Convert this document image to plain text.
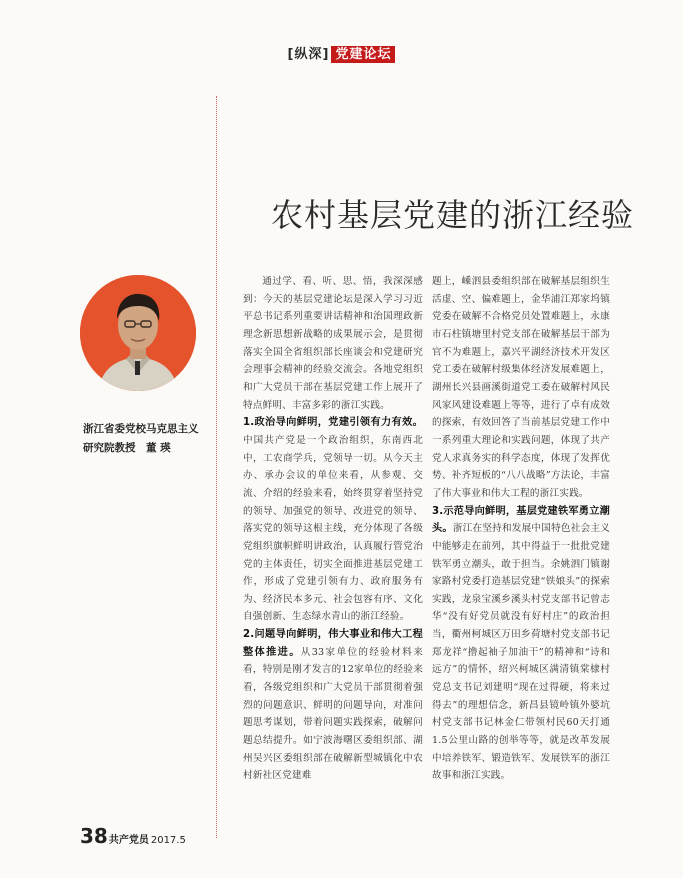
[纵深] 党建论坛
农村基层党建的浙江经验
浙江省委党校马克思主义
研究院教授　董 瑛

通过学、看、听、思、悟，我深深感到：今天的基层党建论坛是深入学习习近平总书记系列重要讲话精神和治国理政新理念新思想新战略的成果展示会，是贯彻落实全国全省组织部长座谈会和党建研究会理事会精神的经验交流会。各地党组织和广大党员干部在基层党建工作上展开了特点鲜明、丰富多彩的浙江实践。

1.政治导向鲜明，党建引领有力有效。中国共产党是一个政治组织，东南西北中，工农商学兵，党领导一切。从今天主办、承办会议的单位来看，从参观、交流、介绍的经验来看，始终贯穿着坚持党的领导、加强党的领导、改进党的领导、落实党的领导这根主线，充分体现了各级党组织旗帜鲜明讲政治，认真履行管党治党的主体责任，切实全面推进基层党建工作，形成了党建引领有力、政府服务有为、经济民本多元、社会包容有序、文化自强创新、生态绿水青山的浙江经验。

2.问题导向鲜明，伟大事业和伟大工程整体推进。从33家单位的经验材料来看，特别是刚才发言的12家单位的经验来看，各级党组织和广大党员干部贯彻着强烈的问题意识、鲜明的问题导向，对准问题思考谋划，带着问题实践探索，破解问题总结提升。如宁波海曙区委组织部、湖州吴兴区委组织部在破解新型城镇化中农村新社区党建难

题上，嵊泗县委组织部在破解基层组织生活虚、空、偏难题上，金华浦江郑家坞镇党委在破解不合格党员处置难题上，永康市石柱镇塘里村党支部在破解基层干部为官不为难题上，嘉兴平湖经济技术开发区党工委在破解村级集体经济发展难题上，湖州长兴县画溪街道党工委在破解村风民风家风建设难题上等等，进行了卓有成效的探索，有效回答了当前基层党建工作中一系列重大理论和实践问题，体现了共产党人求真务实的科学态度，体现了发挥优势、补齐短板的“八八战略”方法论，丰富了伟大事业和伟大工程的浙江实践。

3.示范导向鲜明，基层党建铁军勇立潮头。浙江在坚持和发展中国特色社会主义中能够走在前列，其中得益于一批批党建铁军勇立潮头，敢于担当。余姚泗门镇谢家路村党委打造基层党建“铁娘头”的探索实践，龙泉宝溪乡溪头村党支部书记曾志华“没有好党员就没有好村庄”的政治担当，衢州柯城区万田乡荷塘村党支部书记郑龙祥“撸起袖子加油干”的精神和“诗和远方”的情怀，绍兴柯城区满清镇棠棣村党总支书记刘建明“现在过得硬，将来过得去”的理想信念，新昌县镜岭镇外婆坑村党支部书记林金仁带领村民60天打通1.5公里山路的创举等等，就是改革发展中培养铁军、锻造铁军、发展铁军的浙江故事和浙江实践。

38共产党员 2017.5
